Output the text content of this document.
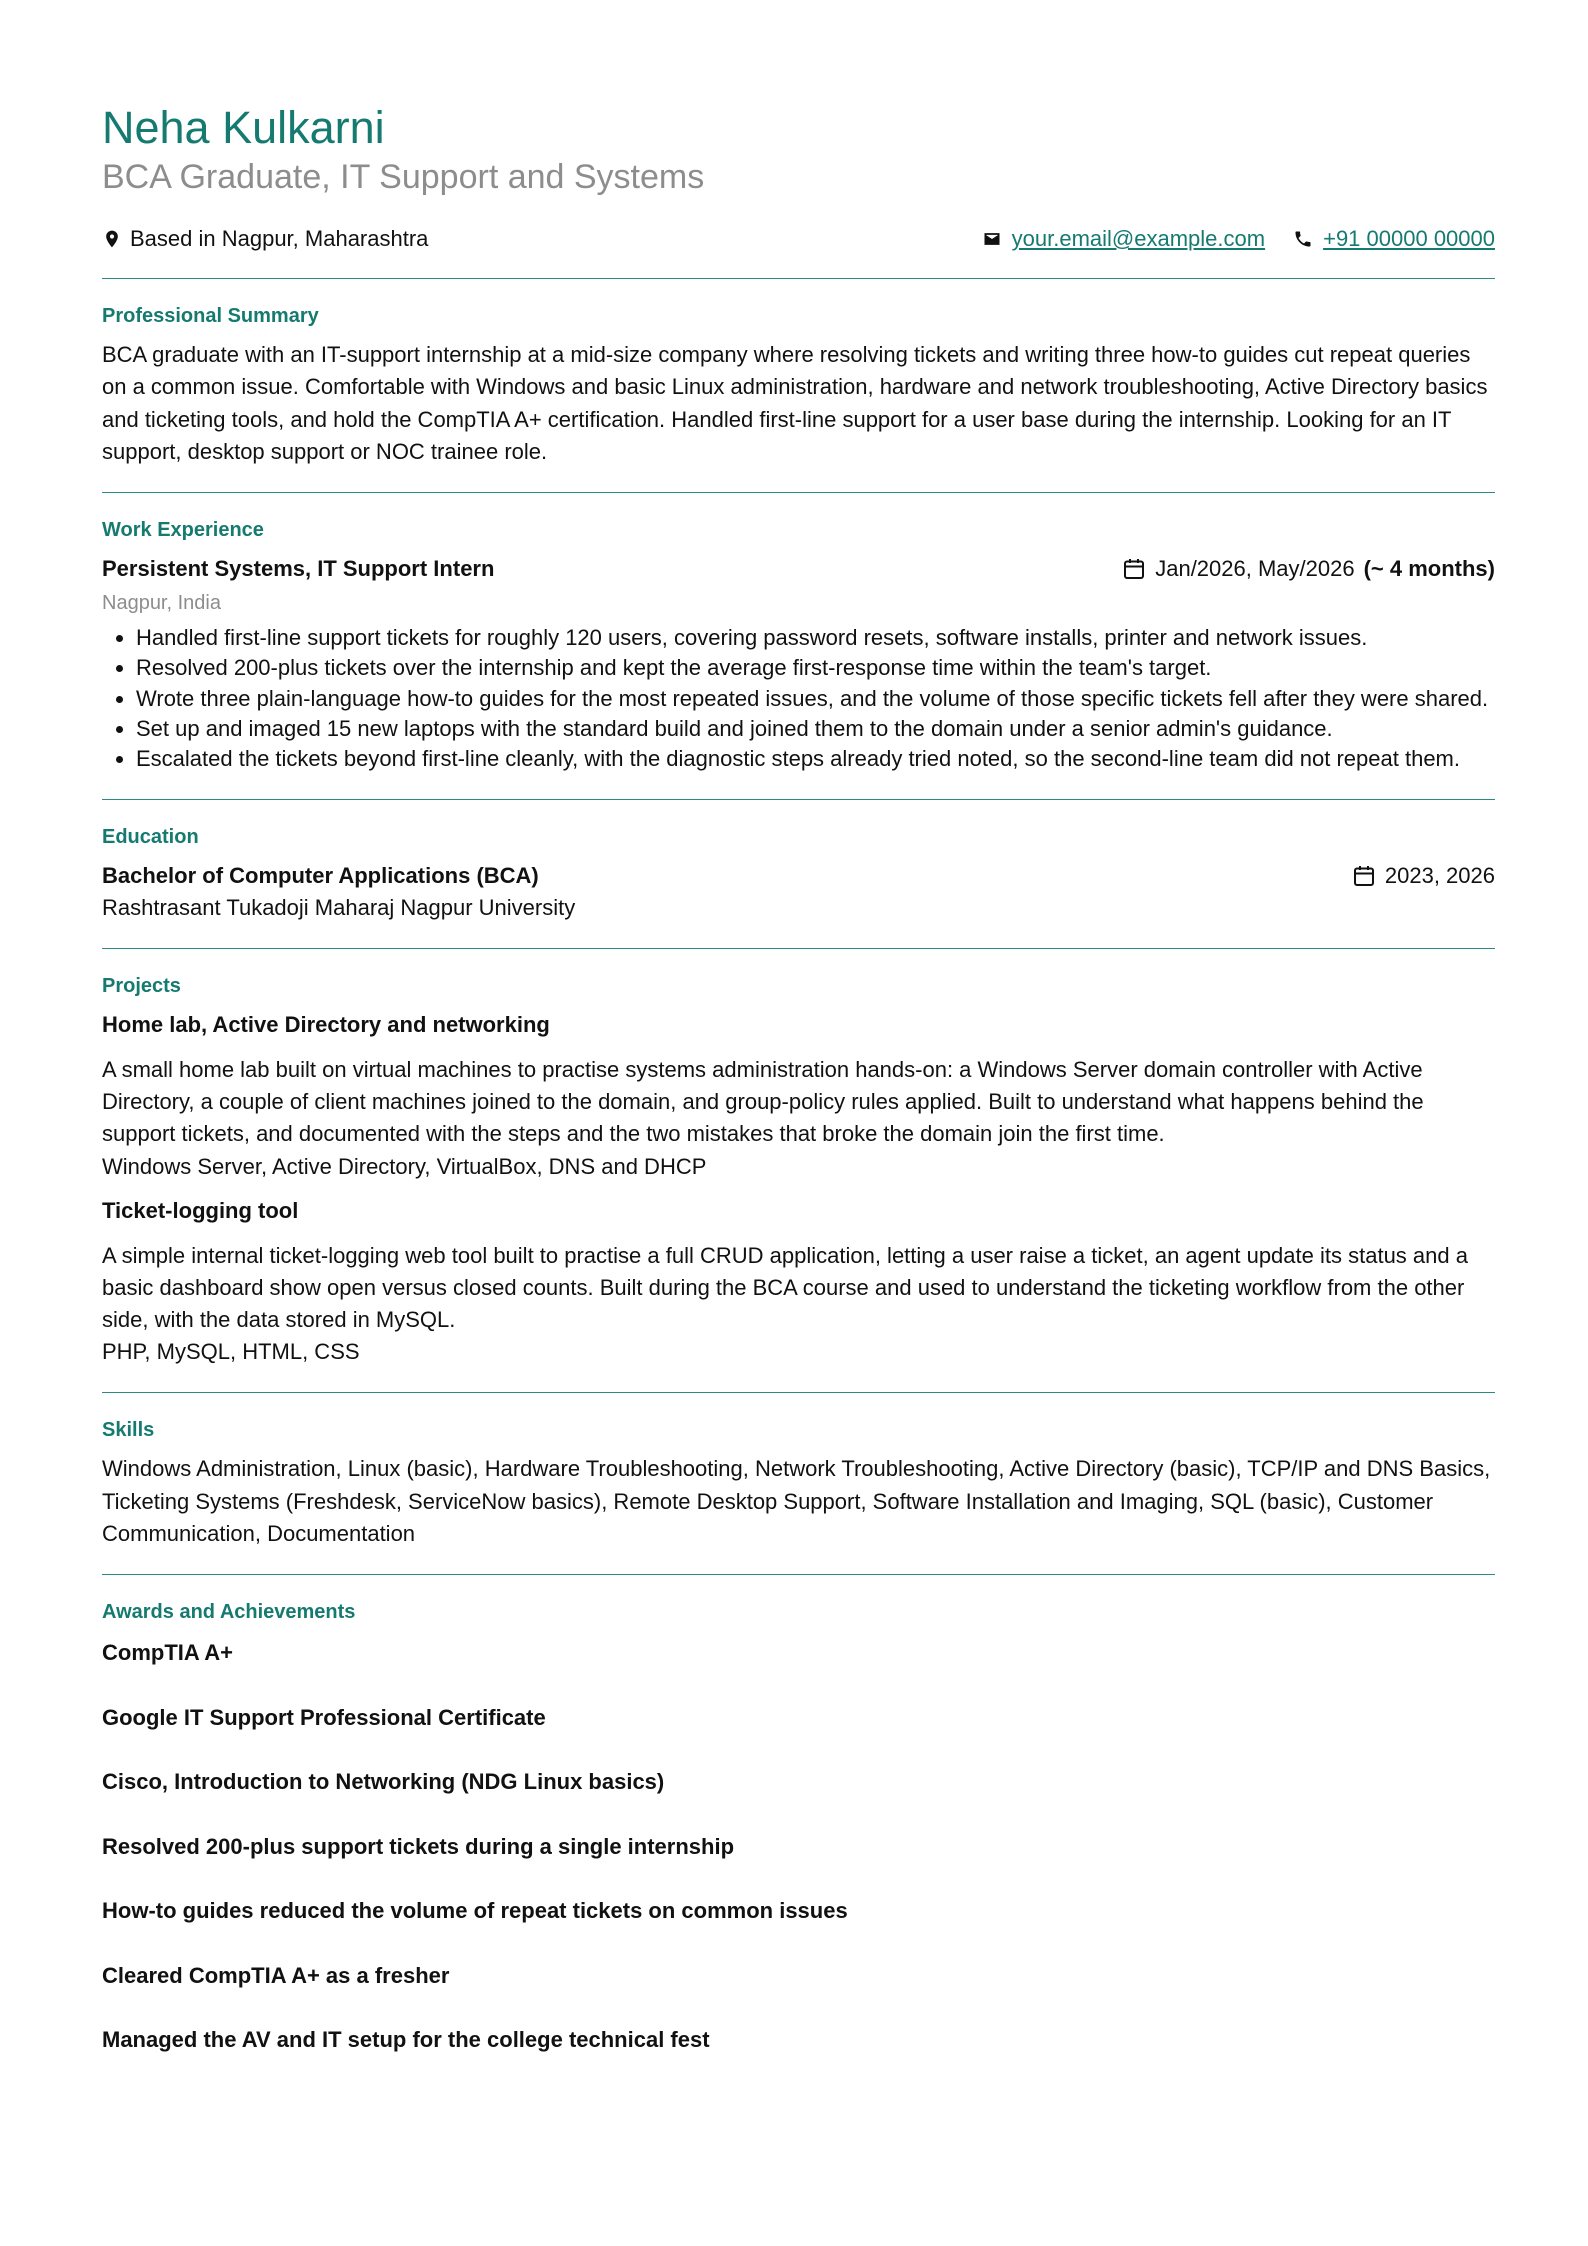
Neha Kulkarni
BCA Graduate, IT Support and Systems
Based in Nagpur, Maharashtra	your.email@example.com	+91 00000 00000
Professional Summary

BCA graduate with an IT-support internship at a mid-size company where resolving tickets and writing three how-to guides cut repeat queries on a common issue. Comfortable with Windows and basic Linux administration, hardware and network troubleshooting, Active Directory basics and ticketing tools, and hold the CompTIA A+ certification. Handled first-line support for a user base during the internship. Looking for an IT support, desktop support or NOC trainee role.

Work Experience
Persistent Systems, IT Support Intern	Jan/2026, May/2026 (~ 4 months)
Nagpur, India
• Handled first-line support tickets for roughly 120 users, covering password resets, software installs, printer and network issues.
• Resolved 200-plus tickets over the internship and kept the average first-response time within the team's target.
• Wrote three plain-language how-to guides for the most repeated issues, and the volume of those specific tickets fell after they were shared.
• Set up and imaged 15 new laptops with the standard build and joined them to the domain under a senior admin's guidance.
• Escalated the tickets beyond first-line cleanly, with the diagnostic steps already tried noted, so the second-line team did not repeat them.
Education
Bachelor of Computer Applications (BCA)	2023, 2026
Rashtrasant Tukadoji Maharaj Nagpur University
Projects
Home lab, Active Directory and networking

A small home lab built on virtual machines to practise systems administration hands-on: a Windows Server domain controller with Active Directory, a couple of client machines joined to the domain, and group-policy rules applied. Built to understand what happens behind the support tickets, and documented with the steps and the two mistakes that broke the domain join the first time.

Windows Server, Active Directory, VirtualBox, DNS and DHCP

Ticket-logging tool

A simple internal ticket-logging web tool built to practise a full CRUD application, letting a user raise a ticket, an agent update its status and a basic dashboard show open versus closed counts. Built during the BCA course and used to understand the ticketing workflow from the other side, with the data stored in MySQL.

PHP, MySQL, HTML, CSS

Skills

Windows Administration, Linux (basic), Hardware Troubleshooting, Network Troubleshooting, Active Directory (basic), TCP/IP and DNS Basics, Ticketing Systems (Freshdesk, ServiceNow basics), Remote Desktop Support, Software Installation and Imaging, SQL (basic), Customer Communication, Documentation

Awards and Achievements

CompTIA A+

Google IT Support Professional Certificate

Cisco, Introduction to Networking (NDG Linux basics)

Resolved 200-plus support tickets during a single internship

How-to guides reduced the volume of repeat tickets on common issues

Cleared CompTIA A+ as a fresher

Managed the AV and IT setup for the college technical fest
